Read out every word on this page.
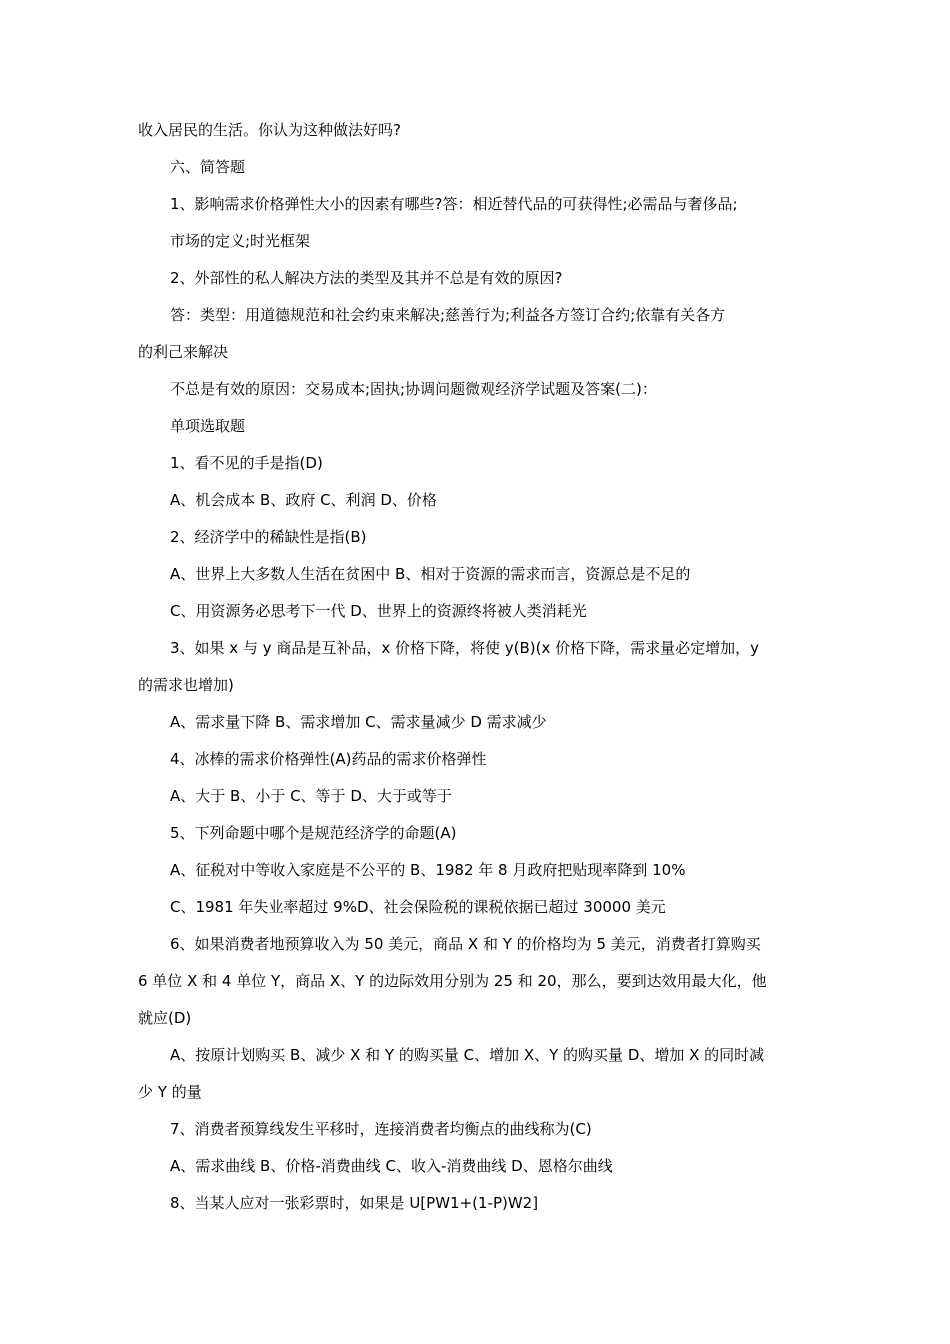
收入居民的生活。你认为这种做法好吗?
六、简答题
1、影响需求价格弹性大小的因素有哪些?答：相近替代品的可获得性;必需品与奢侈品;
市场的定义;时光框架
2、外部性的私人解决方法的类型及其并不总是有效的原因?
答：类型：用道德规范和社会约束来解决;慈善行为;利益各方签订合约;依靠有关各方
的利己来解决
不总是有效的原因：交易成本;固执;协调问题微观经济学试题及答案(二)：
单项选取题
1、看不见的手是指(D)
A、机会成本 B、政府 C、利润 D、价格
2、经济学中的稀缺性是指(B)
A、世界上大多数人生活在贫困中 B、相对于资源的需求而言，资源总是不足的
C、用资源务必思考下一代 D、世界上的资源终将被人类消耗光
3、如果 x 与 y 商品是互补品，x 价格下降，将使 y(B)(x 价格下降，需求量必定增加，y
的需求也增加)
A、需求量下降 B、需求增加 C、需求量减少 D 需求减少
4、冰棒的需求价格弹性(A)药品的需求价格弹性
A、大于 B、小于 C、等于 D、大于或等于
5、下列命题中哪个是规范经济学的命题(A)
A、征税对中等收入家庭是不公平的 B、1982 年 8 月政府把贴现率降到 10%
C、1981 年失业率超过 9%D、社会保险税的课税依据已超过 30000 美元
6、如果消费者地预算收入为 50 美元，商品 X 和 Y 的价格均为 5 美元，消费者打算购买
6 单位 X 和 4 单位 Y，商品 X、Y 的边际效用分别为 25 和 20，那么，要到达效用最大化，他
就应(D)
A、按原计划购买 B、减少 X 和 Y 的购买量 C、增加 X、Y 的购买量 D、增加 X 的同时减
少 Y 的量
7、消费者预算线发生平移时，连接消费者均衡点的曲线称为(C)
A、需求曲线 B、价格-消费曲线 C、收入-消费曲线 D、恩格尔曲线
8、当某人应对一张彩票时，如果是 U[PW1+(1-P)W2]
